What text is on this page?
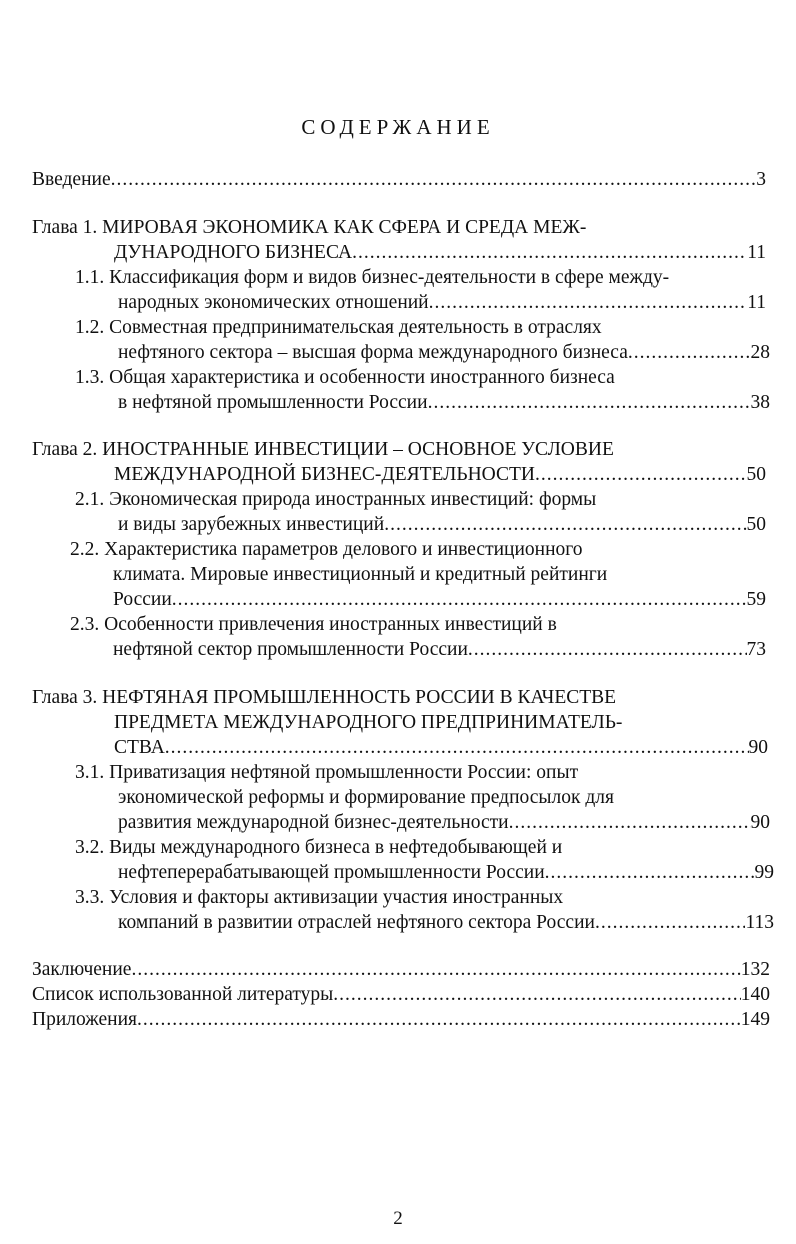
СОДЕРЖАНИЕ
Введение .....	3
Глава 1. МИРОВАЯ ЭКОНОМИКА КАК СФЕРА И СРЕДА МЕЖ-
ДУНАРОДНОГО БИЗНЕСА .....	11
1.1. Классификация форм и видов бизнес-деятельности в сфере между-
народных экономических отношений .....	11
1.2. Совместная предпринимательская деятельность в отраслях
нефтяного сектора – высшая форма международного бизнеса .....	28
1.3. Общая характеристика и особенности иностранного бизнеса
в нефтяной промышленности России .....	38
Глава 2. ИНОСТРАННЫЕ ИНВЕСТИЦИИ – ОСНОВНОЕ УСЛОВИЕ
МЕЖДУНАРОДНОЙ БИЗНЕС-ДЕЯТЕЛЬНОСТИ .....	50
2.1. Экономическая природа иностранных инвестиций: формы
и виды зарубежных инвестиций .....	50
2.2. Характеристика параметров делового и инвестиционного
климата. Мировые инвестиционный и кредитный рейтинги
России .....	59
2.3. Особенности привлечения иностранных инвестиций в
нефтяной сектор промышленности России .....	73
Глава 3. НЕФТЯНАЯ ПРОМЫШЛЕННОСТЬ РОССИИ В КАЧЕСТВЕ
ПРЕДМЕТА МЕЖДУНАРОДНОГО ПРЕДПРИНИМАТЕЛЬ-
СТВА .....	90
3.1. Приватизация нефтяной промышленности России: опыт
экономической реформы и формирование предпосылок для
развития международной бизнес-деятельности .....	90
3.2. Виды международного бизнеса в нефтедобывающей и
нефтеперерабатывающей промышленности России .....	99
3.3. Условия и факторы активизации участия иностранных
компаний в развитии отраслей нефтяного сектора России .....	113
Заключение .....	132
Список использованной литературы .....	140
Приложения .....	149
2
